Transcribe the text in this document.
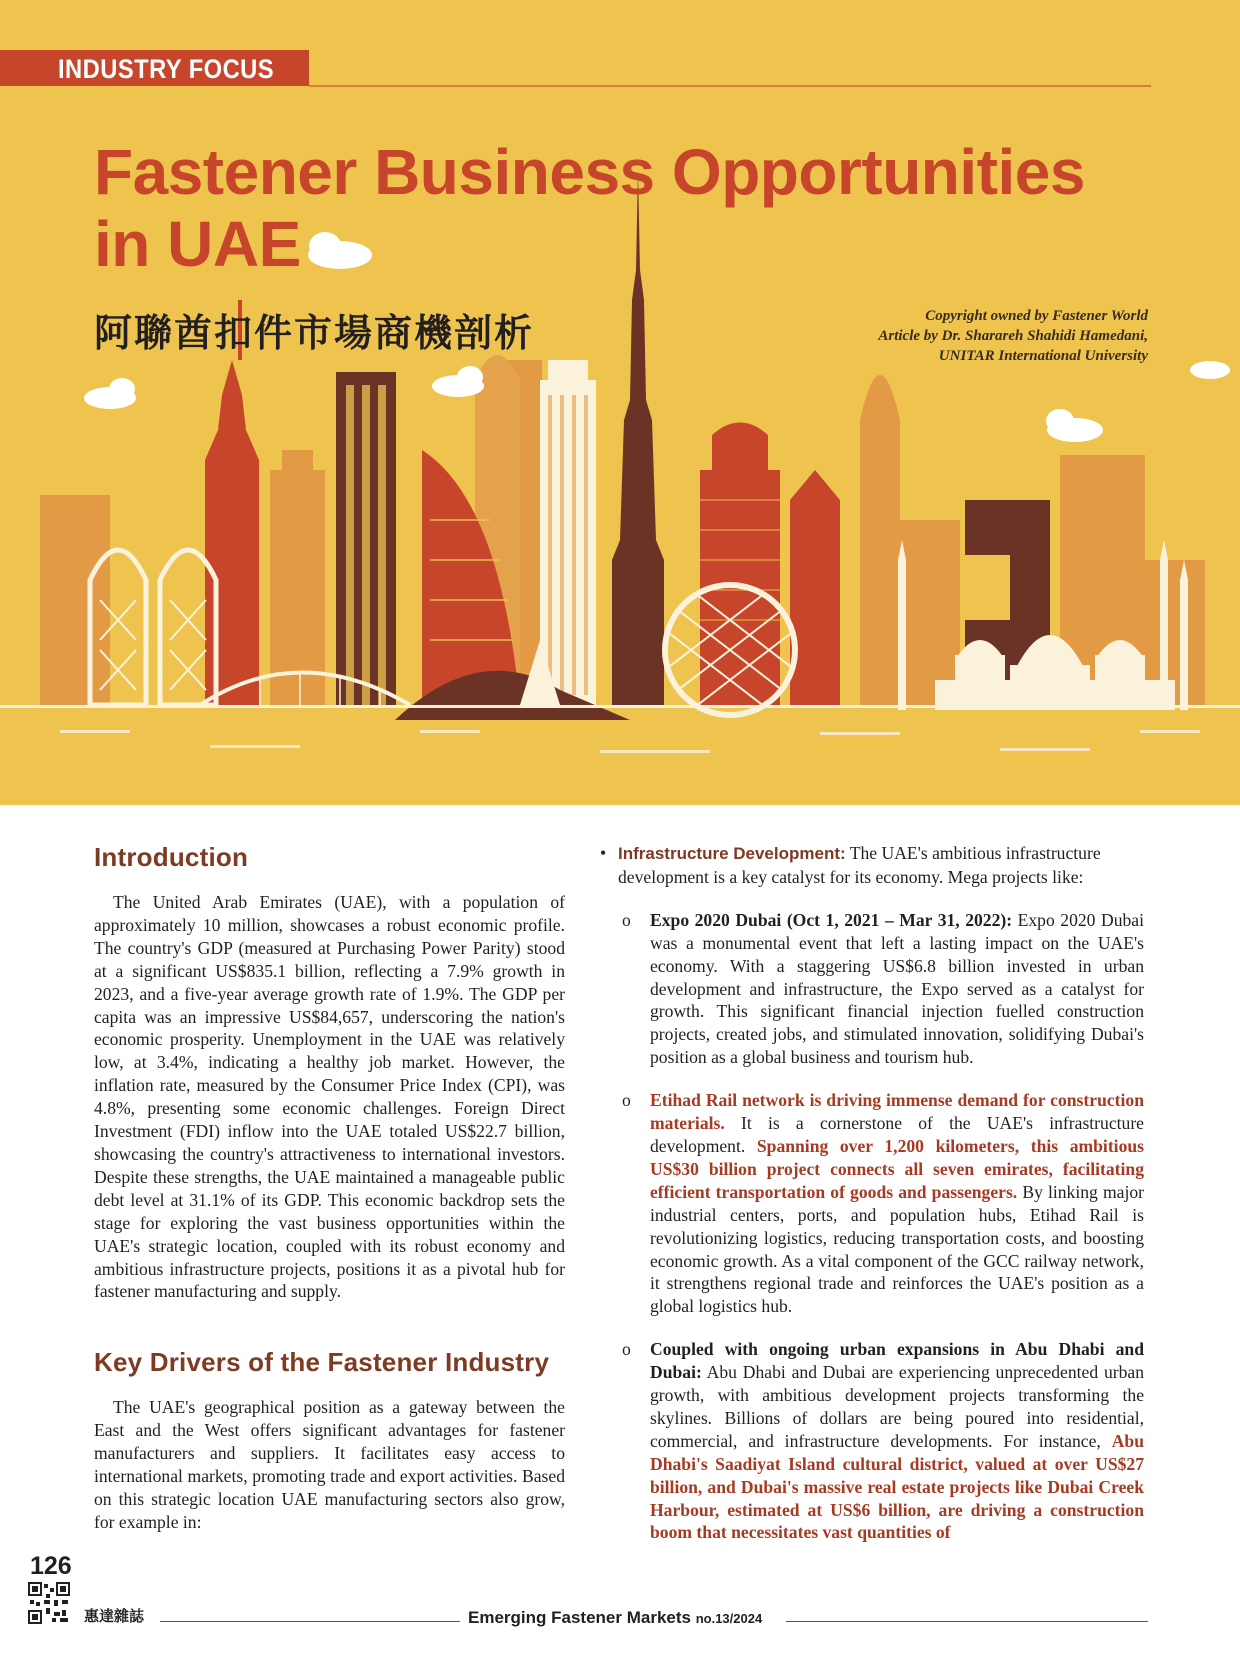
INDUSTRY FOCUS
Fastener Business Opportunities
in UAE
阿聯酋扣件市場商機剖析	Copyright owned by Fastener World
Article by Dr. Sharareh Shahidi Hamedani,
UNITAR International University
Introduction

The United Arab Emirates (UAE), with a population of approximately 10 million, showcases a robust economic profile. The country's GDP (measured at Purchasing Power Parity) stood at a significant US$835.1 billion, reflecting a 7.9% growth in 2023, and a five-year average growth rate of 1.9%. The GDP per capita was an impressive US$84,657, underscoring the nation's economic prosperity. Unemployment in the UAE was relatively low, at 3.4%, indicating a healthy job market. However, the inflation rate, measured by the Consumer Price Index (CPI), was 4.8%, presenting some economic challenges. Foreign Direct Investment (FDI) inflow into the UAE totaled US$22.7 billion, showcasing the country's attractiveness to international investors. Despite these strengths, the UAE maintained a manageable public debt level at 31.1% of its GDP. This economic backdrop sets the stage for exploring the vast business opportunities within the UAE's strategic location, coupled with its robust economy and ambitious infrastructure projects, positions it as a pivotal hub for fastener manufacturing and supply.

Key Drivers of the Fastener Industry

The UAE's geographical position as a gateway between the East and the West offers significant advantages for fastener manufacturers and suppliers. It facilitates easy access to international markets, promoting trade and export activities. Based on this strategic location UAE manufacturing sectors also grow, for example in:

• Infrastructure Development: The UAE's ambitious infrastructure development is a key catalyst for its economy. Mega projects like:
o Expo 2020 Dubai (Oct 1, 2021 – Mar 31, 2022): Expo 2020 Dubai was a monumental event that left a lasting impact on the UAE's economy. With a staggering US$6.8 billion invested in urban development and infrastructure, the Expo served as a catalyst for growth. This significant financial injection fuelled construction projects, created jobs, and stimulated innovation, solidifying Dubai's position as a global business and tourism hub.
o Etihad Rail network is driving immense demand for construction materials. It is a cornerstone of the UAE's infrastructure development. Spanning over 1,200 kilometers, this ambitious US$30 billion project connects all seven emirates, facilitating efficient transportation of goods and passengers. By linking major industrial centers, ports, and population hubs, Etihad Rail is revolutionizing logistics, reducing transportation costs, and boosting economic growth. As a vital component of the GCC railway network, it strengthens regional trade and reinforces the UAE's position as a global logistics hub.
o Coupled with ongoing urban expansions in Abu Dhabi and Dubai: Abu Dhabi and Dubai are experiencing unprecedented urban growth, with ambitious development projects transforming the skylines. Billions of dollars are being poured into residential, commercial, and infrastructure developments. For instance, Abu Dhabi's Saadiyat Island cultural district, valued at over US$27 billion, and Dubai's massive real estate projects like Dubai Creek Harbour, estimated at US$6 billion, are driving a construction boom that necessitates vast quantities of
126
惠達雜誌	Emerging Fastener Markets no.13/2024
